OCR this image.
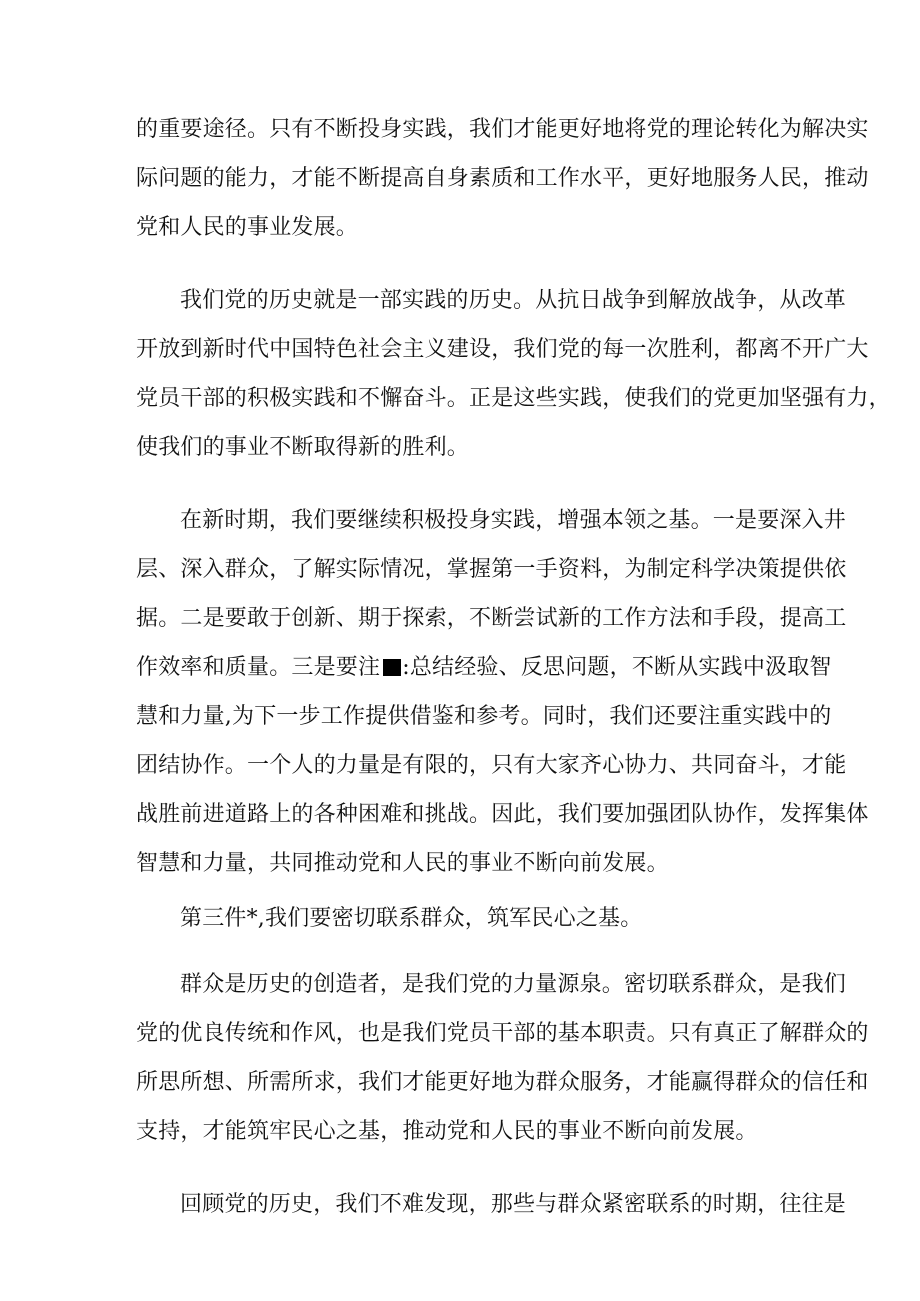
的重要途径。只有不断投身实践，我们才能更好地将党的理论转化为解决实
际问题的能力，才能不断提高自身素质和工作水平，更好地服务人民，推动
党和人民的事业发展。
我们党的历史就是一部实践的历史。从抗日战争到解放战争，从改革
开放到新时代中国特色社会主义建设，我们党的每一次胜利，都离不开广大
党员干部的积极实践和不懈奋斗。正是这些实践，使我们的党更加坚强有力，
使我们的事业不断取得新的胜利。
在新时期，我们要继续积极投身实践，增强本领之基。一是要深入井
层、深入群众，了解实际情况，掌握第一手资料，为制定科学决策提供依
据。二是要敢于创新、期于探索，不断尝试新的工作方法和手段，提高工
作效率和质量。三是要注 :总结经验、反思问题，不断从实践中汲取智
慧和力量,为下一步工作提供借鉴和参考。同时，我们还要注重实践中的
团结协作。一个人的力量是有限的，只有大家齐心协力、共同奋斗，才能
战胜前进道路上的各种困难和挑战。因此，我们要加强团队协作，发挥集体
智慧和力量，共同推动党和人民的事业不断向前发展。
第三件*,我们要密切联系群众，筑军民心之基。
群众是历史的创造者，是我们党的力量源泉。密切联系群众，是我们
党的优良传统和作风，也是我们党员干部的基本职责。只有真正了解群众的
所思所想、所需所求，我们才能更好地为群众服务，才能赢得群众的信任和
支持，才能筑牢民心之基，推动党和人民的事业不断向前发展。
回顾党的历史，我们不难发现，那些与群众紧密联系的时期，往往是
